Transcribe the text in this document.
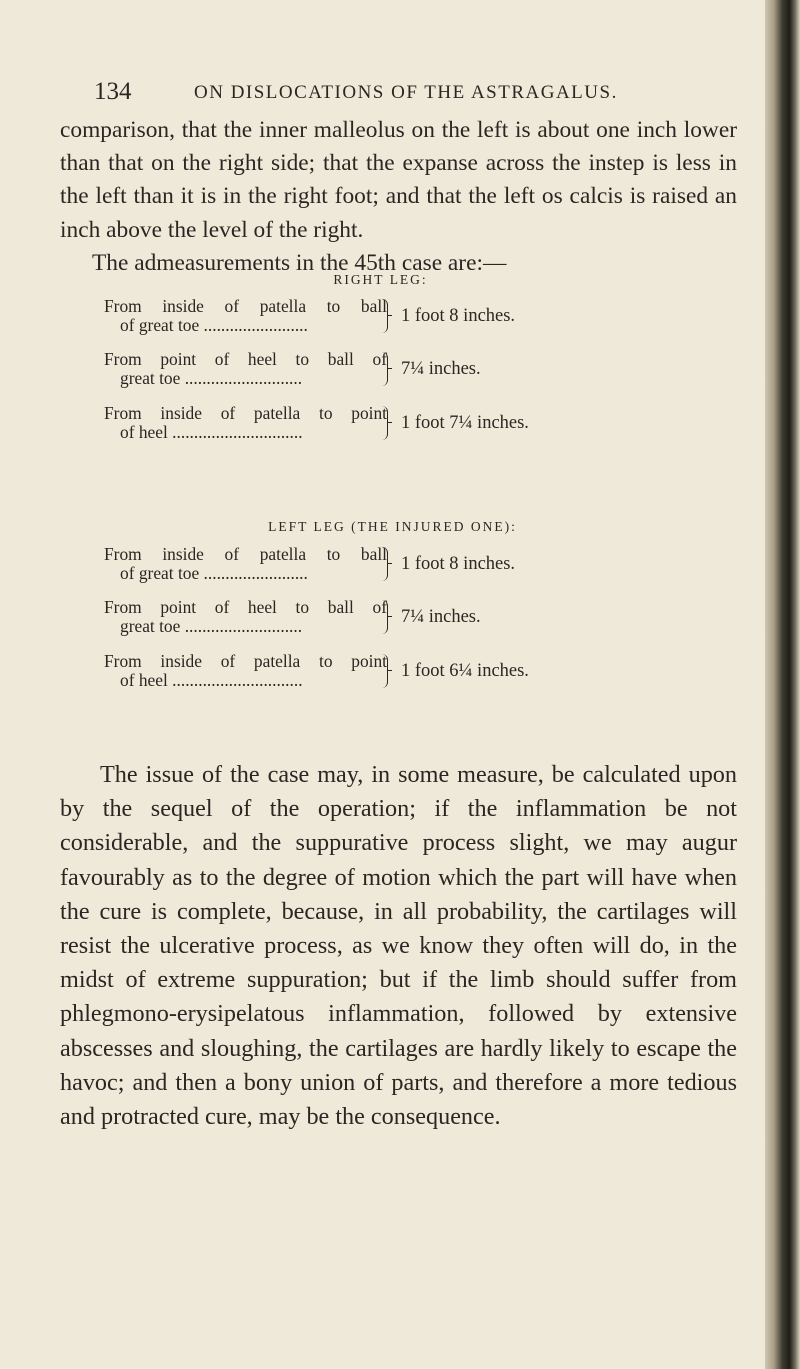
134	ON DISLOCATIONS OF THE ASTRAGALUS.

comparison, that the inner malleolus on the left is about one inch lower than that on the right side; that the expanse across the instep is less in the left than it is in the right foot; and that the left os calcis is raised an inch above the level of the right.
The admeasurements in the 45th case are:—

RIGHT LEG:
From inside of patella to ball
of great toe ........................	1 foot 8 inches.
From point of heel to ball of
great toe ...........................	7¼ inches.
From inside of patella to point
of heel ..............................	1 foot 7¼ inches.
LEFT LEG (THE INJURED ONE):
From inside of patella to ball
of great toe ........................	1 foot 8 inches.
From point of heel to ball of
great toe ...........................	7¼ inches.
From inside of patella to point
of heel ..............................	1 foot 6¼ inches.

The issue of the case may, in some measure, be calculated upon by the sequel of the operation; if the inflammation be not considerable, and the suppurative process slight, we may augur favourably as to the degree of motion which the part will have when the cure is complete, because, in all probability, the cartilages will resist the ulcerative process, as we know they often will do, in the midst of extreme suppuration; but if the limb should suffer from phlegmono-erysipelatous inflammation, followed by extensive abscesses and sloughing, the cartilages are hardly likely to escape the havoc; and then a bony union of parts, and therefore a more tedious and protracted cure, may be the consequence.
